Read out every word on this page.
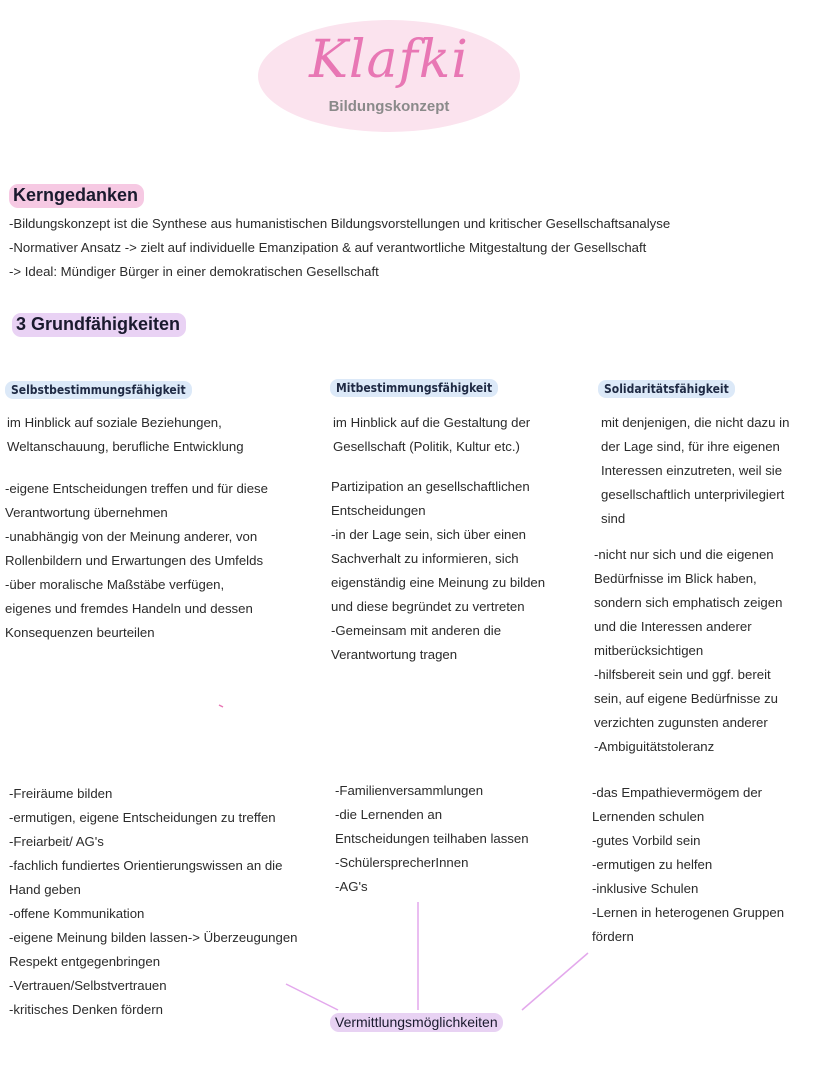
Klafki
Bildungskonzept
Kerngedanken
-Bildungskonzept ist die Synthese aus humanistischen Bildungsvorstellungen und kritischer Gesellschaftsanalyse
-Normativer Ansatz -> zielt auf individuelle Emanzipation & auf verantwortliche Mitgestaltung der Gesellschaft
-> Ideal: Mündiger Bürger in einer demokratischen Gesellschaft
3 Grundfähigkeiten
Selbstbestimmungsfähigkeit	Mitbestimmungsfähigkeit	Solidaritätsfähigkeit
im Hinblick auf soziale Beziehungen,
Weltanschauung, berufliche Entwicklung
-eigene Entscheidungen treffen und für diese
Verantwortung übernehmen
-unabhängig von der Meinung anderer, von
Rollenbildern und Erwartungen des Umfelds
-über moralische Maßstäbe verfügen,
eigenes und fremdes Handeln und dessen
Konsequenzen beurteilen
-Freiräume bilden
-ermutigen, eigene Entscheidungen zu treffen
-Freiarbeit/ AG's
-fachlich fundiertes Orientierungswissen an die
Hand geben
-offene Kommunikation
-eigene Meinung bilden lassen-> Überzeugungen
Respekt entgegenbringen
-Vertrauen/Selbstvertrauen
-kritisches Denken fördern
im Hinblick auf die Gestaltung der
Gesellschaft (Politik, Kultur etc.)
Partizipation an gesellschaftlichen
Entscheidungen
-in der Lage sein, sich über einen
Sachverhalt zu informieren, sich
eigenständig eine Meinung zu bilden
und diese begründet zu vertreten
-Gemeinsam mit anderen die
Verantwortung tragen
-Familienversammlungen
-die Lernenden an
Entscheidungen teilhaben lassen
-SchülersprecherInnen
-AG's
mit denjenigen, die nicht dazu in
der Lage sind, für ihre eigenen
Interessen einzutreten, weil sie
gesellschaftlich unterprivilegiert
sind
-nicht nur sich und die eigenen
Bedürfnisse im Blick haben,
sondern sich emphatisch zeigen
und die Interessen anderer
mitberücksichtigen
-hilfsbereit sein und ggf. bereit
sein, auf eigene Bedürfnisse zu
verzichten zugunsten anderer
-Ambiguitätstoleranz
-das Empathievermögem der
Lernenden schulen
-gutes Vorbild sein
-ermutigen zu helfen
-inklusive Schulen
-Lernen in heterogenen Gruppen
fördern
Vermittlungsmöglichkeiten
